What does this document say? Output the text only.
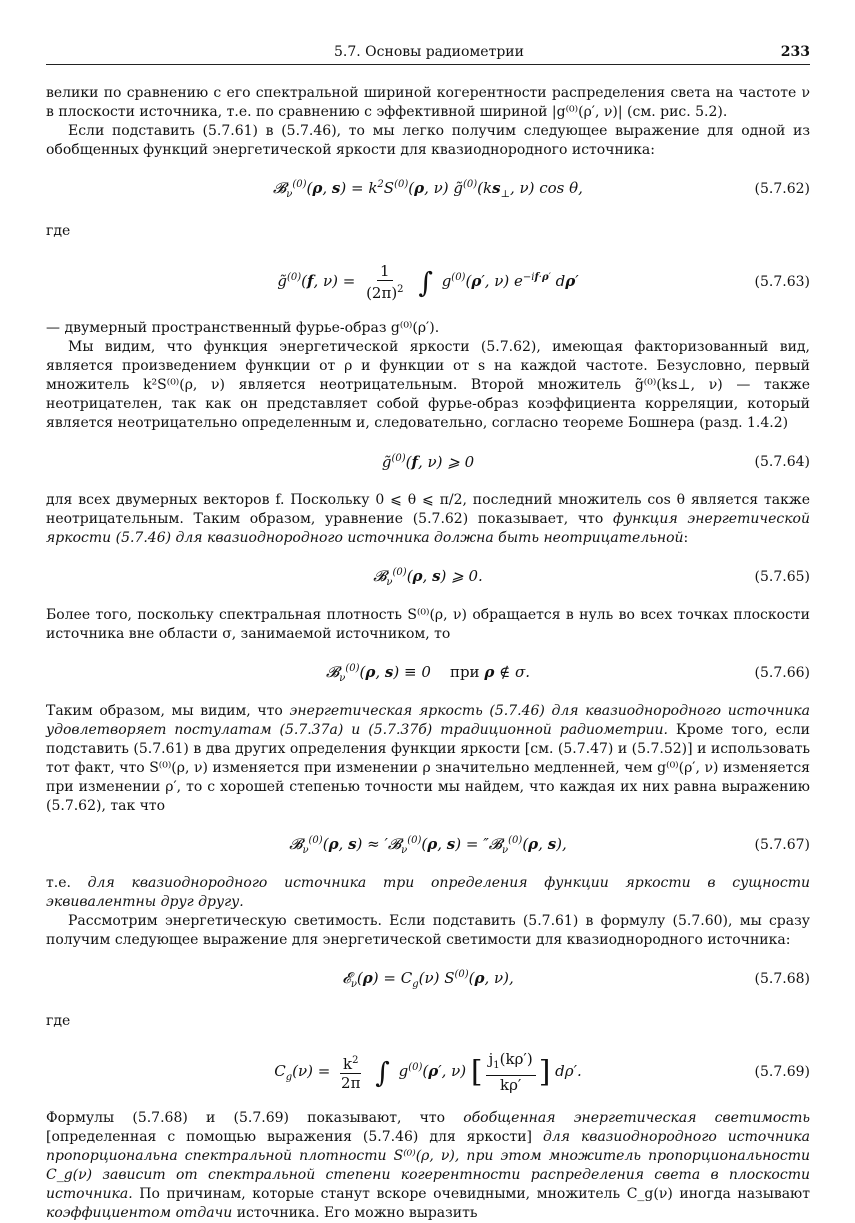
5.7. Основы радиометрии	233

велики по сравнению с его спектральной шириной когерентности распределения света на частоте ν в плоскости источника, т.е. по сравнению с эффективной шириной |g⁽⁰⁾(ρ′, ν)| (см. рис. 5.2).

Если подставить (5.7.61) в (5.7.46), то мы легко получим следующее выражение для одной из обобщенных функций энергетической яркости для квазиоднородного источника:

𝓑$_\nu^{(0)}$(ρ, $s) = k^2S^{(0)}(\rho$, ν) $g̃^{(0)}(ks_\perp$, ν) cos θ,	(5.7.62)

где

g̃$^{(0)}$(f, $\nu) = \frac{1}{(2\pi)^2}$ ∫ $g^{(0)}(\rho'$, ν) $e^{-if\cdot\rho'}$ dρ′	(5.7.63)

— двумерный пространственный фурье-образ g⁽⁰⁾(ρ′).

Мы видим, что функция энергетической яркости (5.7.62), имеющая факторизованный вид, является произведением функции от ρ и функции от s на каждой частоте. Безусловно, первый множитель k²S⁽⁰⁾(ρ, ν) является неотрицательным. Второй множитель g̃⁽⁰⁾(ks⊥, ν) — также неотрицателен, так как он представляет собой фурье-образ коэффициента корреляции, который является неотрицательно определенным и, следовательно, согласно теореме Бошнера (разд. 1.4.2)

g̃$^{(0)}$(f, ν) ⩾ 0	(5.7.64)

для всех двумерных векторов f. Поскольку 0 ⩽ θ ⩽ π/2, последний множитель cos θ является также неотрицательным. Таким образом, уравнение (5.7.62) показывает, что функция энергетической яркости (5.7.46) для квазиоднородного источника должна быть неотрицательной:

𝓑$_\nu^{(0)}$(ρ, s) ⩾ 0.	(5.7.65)

Более того, поскольку спектральная плотность S⁽⁰⁾(ρ, ν) обращается в нуль во всех точках плоскости источника вне области σ, занимаемой источником, то

𝓑$_\nu^{(0)}$(ρ, s) ≡ 0    при ρ ∉ σ.	(5.7.66)

Таким образом, мы видим, что энергетическая яркость (5.7.46) для квазиоднородного источника удовлетворяет постулатам (5.7.37а) и (5.7.37б) традиционной радиометрии. Кроме того, если подставить (5.7.61) в два других определения функции яркости [см. (5.7.47) и (5.7.52)] и использовать тот факт, что S⁽⁰⁾(ρ, ν) изменяется при изменении ρ значительно медленней, чем g⁽⁰⁾(ρ′, ν) изменяется при изменении ρ′, то с хорошей степенью точности мы найдем, что каждая их них равна выражению (5.7.62), так что

𝓑$_\nu^{(0)}$(ρ, s) ≈ ′𝓑$_\nu^{(0)}$(ρ, s) = ″𝓑$_\nu^{(0)}$(ρ, s),	(5.7.67)

т.е. для квазиоднородного источника три определения функции яркости в сущности эквивалентны друг другу.

Рассмотрим энергетическую светимость. Если подставить (5.7.61) в формулу (5.7.60), мы сразу получим следующее выражение для энергетической светимости для квазиоднородного источника:

𝓔$_\nu$(ρ) = $C_g(\nu)$ $S^{(0)}(\rho$, ν),	(5.7.68)

где

$C_g(\nu) = \frac{k^2}{2\pi}$ ∫ $g^{(0)}(\rho'$, ν) [ $\frac{j_1(k\rho')}{k\rho'}$ ] dρ′.	(5.7.69)

Формулы (5.7.68) и (5.7.69) показывают, что обобщенная энергетическая светимость [определенная с помощью выражения (5.7.46) для яркости] для квазиоднородного источника пропорциональна спектральной плотности S⁽⁰⁾(ρ, ν), при этом множитель пропорциональности C_g(ν) зависит от спектральной степени когерентности распределения света в плоскости источника. По причинам, которые станут вскоре очевидными, множитель C_g(ν) иногда называют коэффициентом отдачи источника. Его можно выразить
